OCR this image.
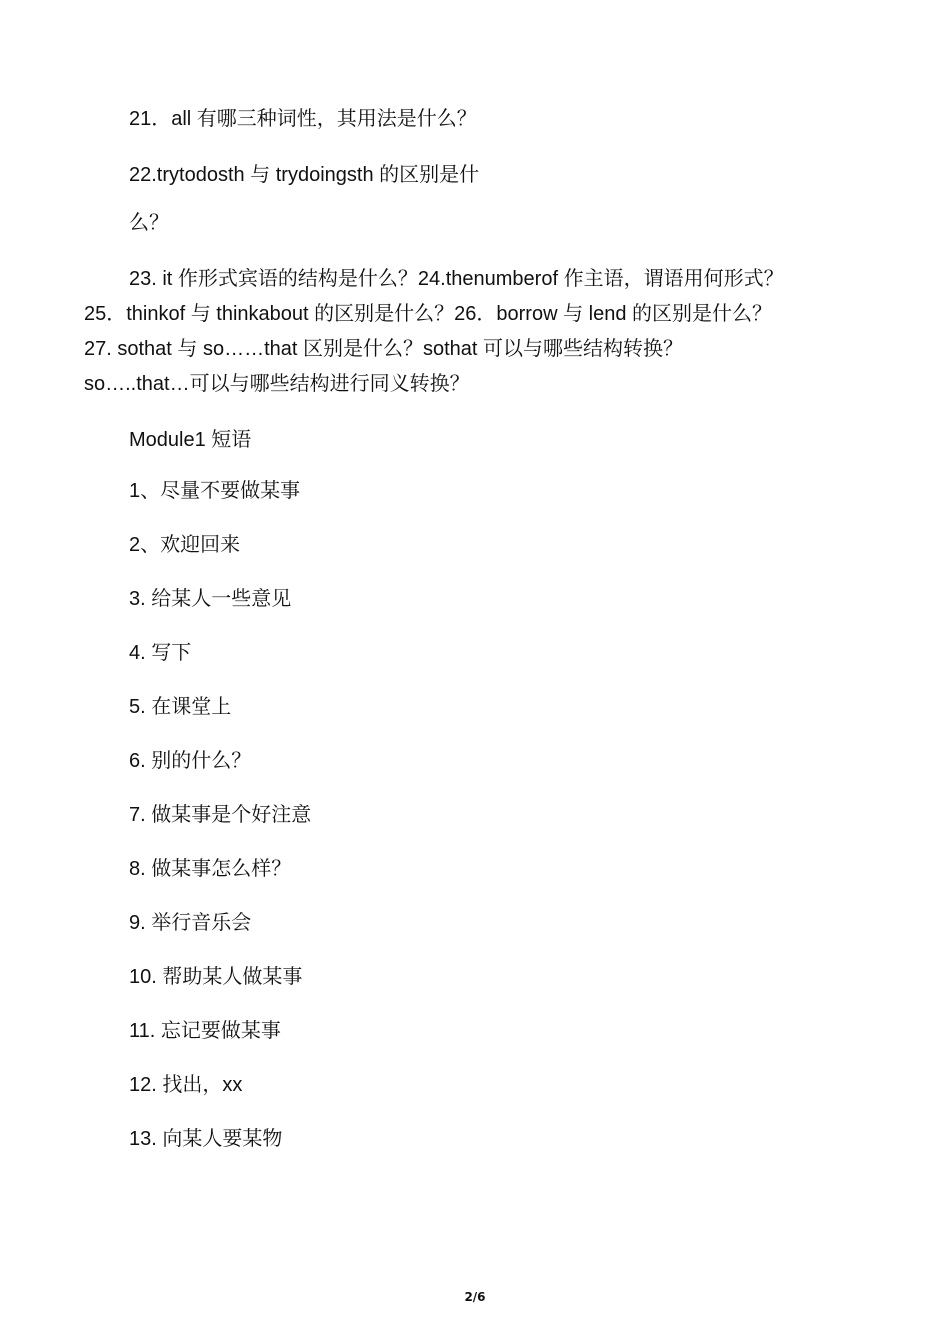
21．all 有哪三种词性，其用法是什么？
22.trytodosth 与 trydoingsth 的区别是什
么？
23. it 作形式宾语的结构是什么？24.thenumberof 作主语，谓语用何形式？
25．thinkof 与 thinkabout 的区别是什么？26．borrow 与 lend 的区别是什么？
27. sothat 与 so……that 区别是什么？sothat 可以与哪些结构转换？
so…..that…可以与哪些结构进行同义转换？
Module1 短语
1、尽量不要做某事
2、欢迎回来
3. 给某人一些意见
4. 写下
5. 在课堂上
6. 别的什么？
7. 做某事是个好注意
8. 做某事怎么样？
9. 举行音乐会
10. 帮助某人做某事
11. 忘记要做某事
12. 找出，xx
13. 向某人要某物
2/6
